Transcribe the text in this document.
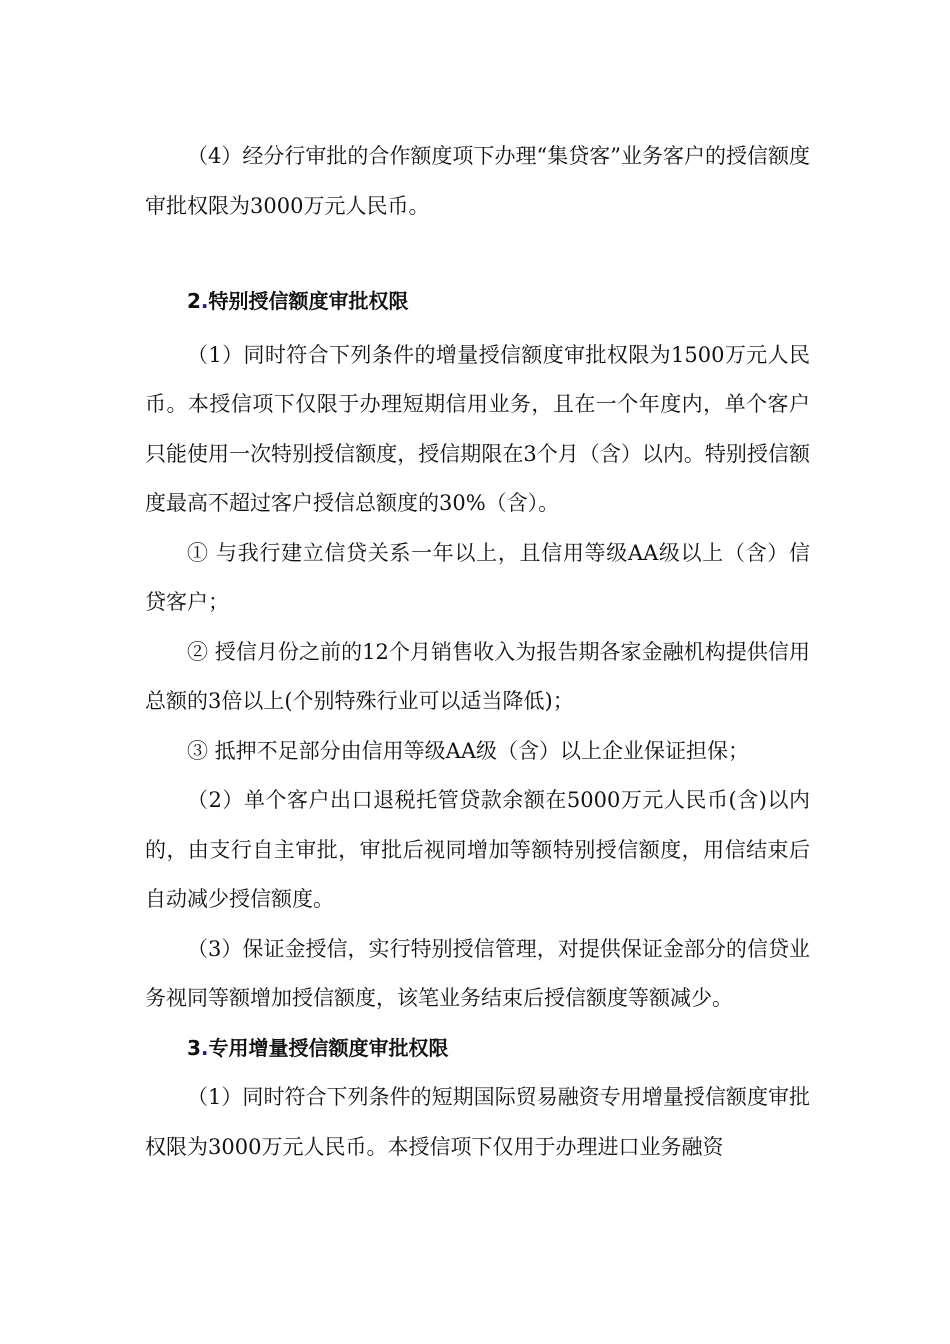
（4）经分行审批的合作额度项下办理“集贷客”业务客户的授信额度审批权限为3000万元人民币。

2.特别授信额度审批权限

（1）同时符合下列条件的增量授信额度审批权限为1500万元人民币。本授信项下仅限于办理短期信用业务，且在一个年度内，单个客户只能使用一次特别授信额度，授信期限在3个月（含）以内。特别授信额度最高不超过客户授信总额度的30%（含）。

① 与我行建立信贷关系一年以上，且信用等级AA级以上（含）信贷客户；

② 授信月份之前的12个月销售收入为报告期各家金融机构提供信用总额的3倍以上(个别特殊行业可以适当降低)；

③ 抵押不足部分由信用等级AA级（含）以上企业保证担保；

（2）单个客户出口退税托管贷款余额在5000万元人民币(含)以内的，由支行自主审批，审批后视同增加等额特别授信额度，用信结束后自动减少授信额度。

（3）保证金授信，实行特别授信管理，对提供保证金部分的信贷业务视同等额增加授信额度，该笔业务结束后授信额度等额减少。

3.专用增量授信额度审批权限

（1）同时符合下列条件的短期国际贸易融资专用增量授信额度审批权限为3000万元人民币。本授信项下仅用于办理进口业务融资
